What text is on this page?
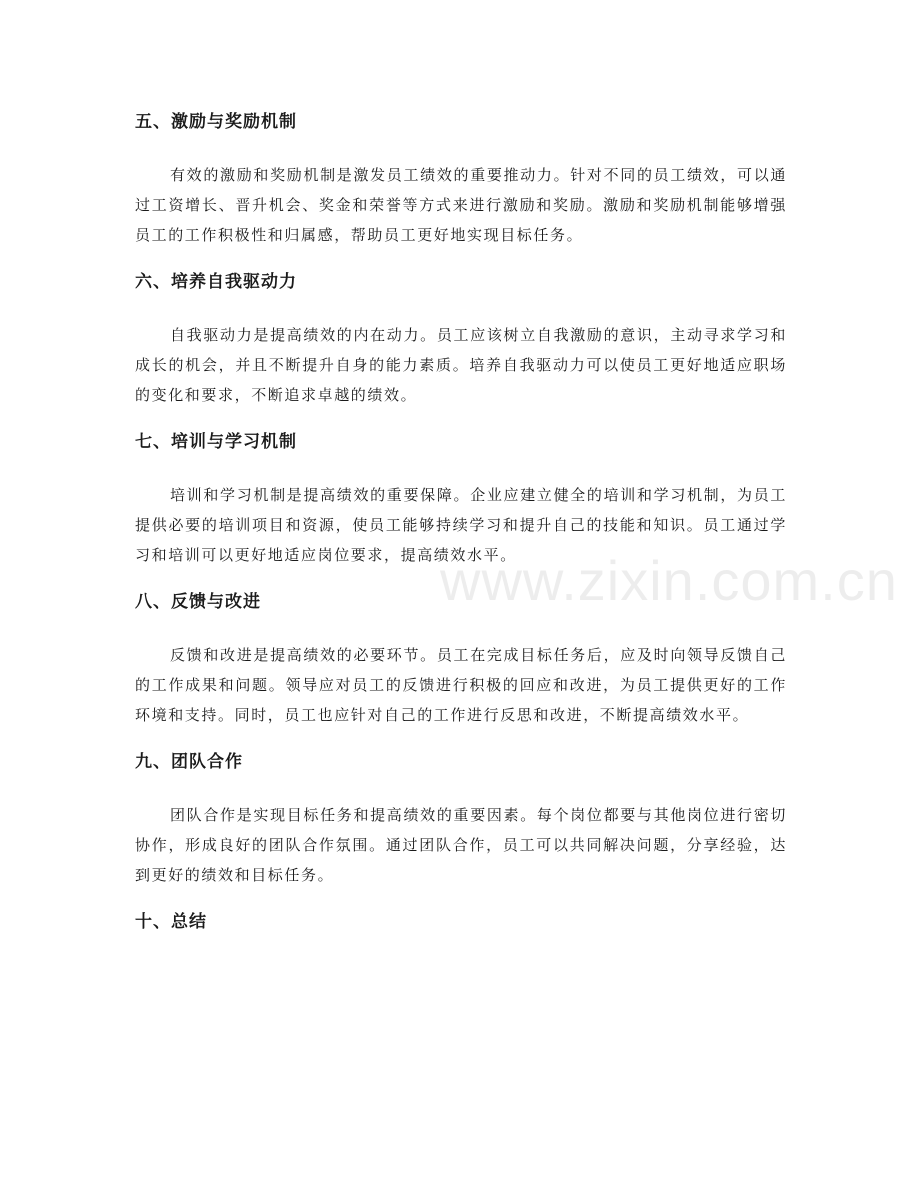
五、激励与奖励机制

有效的激励和奖励机制是激发员工绩效的重要推动力。针对不同的员工绩效，可以通过工资增长、晋升机会、奖金和荣誉等方式来进行激励和奖励。激励和奖励机制能够增强员工的工作积极性和归属感，帮助员工更好地实现目标任务。

六、培养自我驱动力

自我驱动力是提高绩效的内在动力。员工应该树立自我激励的意识，主动寻求学习和成长的机会，并且不断提升自身的能力素质。培养自我驱动力可以使员工更好地适应职场的变化和要求，不断追求卓越的绩效。

七、培训与学习机制

培训和学习机制是提高绩效的重要保障。企业应建立健全的培训和学习机制，为员工提供必要的培训项目和资源，使员工能够持续学习和提升自己的技能和知识。员工通过学习和培训可以更好地适应岗位要求，提高绩效水平。

八、反馈与改进

反馈和改进是提高绩效的必要环节。员工在完成目标任务后，应及时向领导反馈自己的工作成果和问题。领导应对员工的反馈进行积极的回应和改进，为员工提供更好的工作环境和支持。同时，员工也应针对自己的工作进行反思和改进，不断提高绩效水平。

九、团队合作

团队合作是实现目标任务和提高绩效的重要因素。每个岗位都要与其他岗位进行密切协作，形成良好的团队合作氛围。通过团队合作，员工可以共同解决问题，分享经验，达到更好的绩效和目标任务。

十、总结
www.zixin.com.cn
